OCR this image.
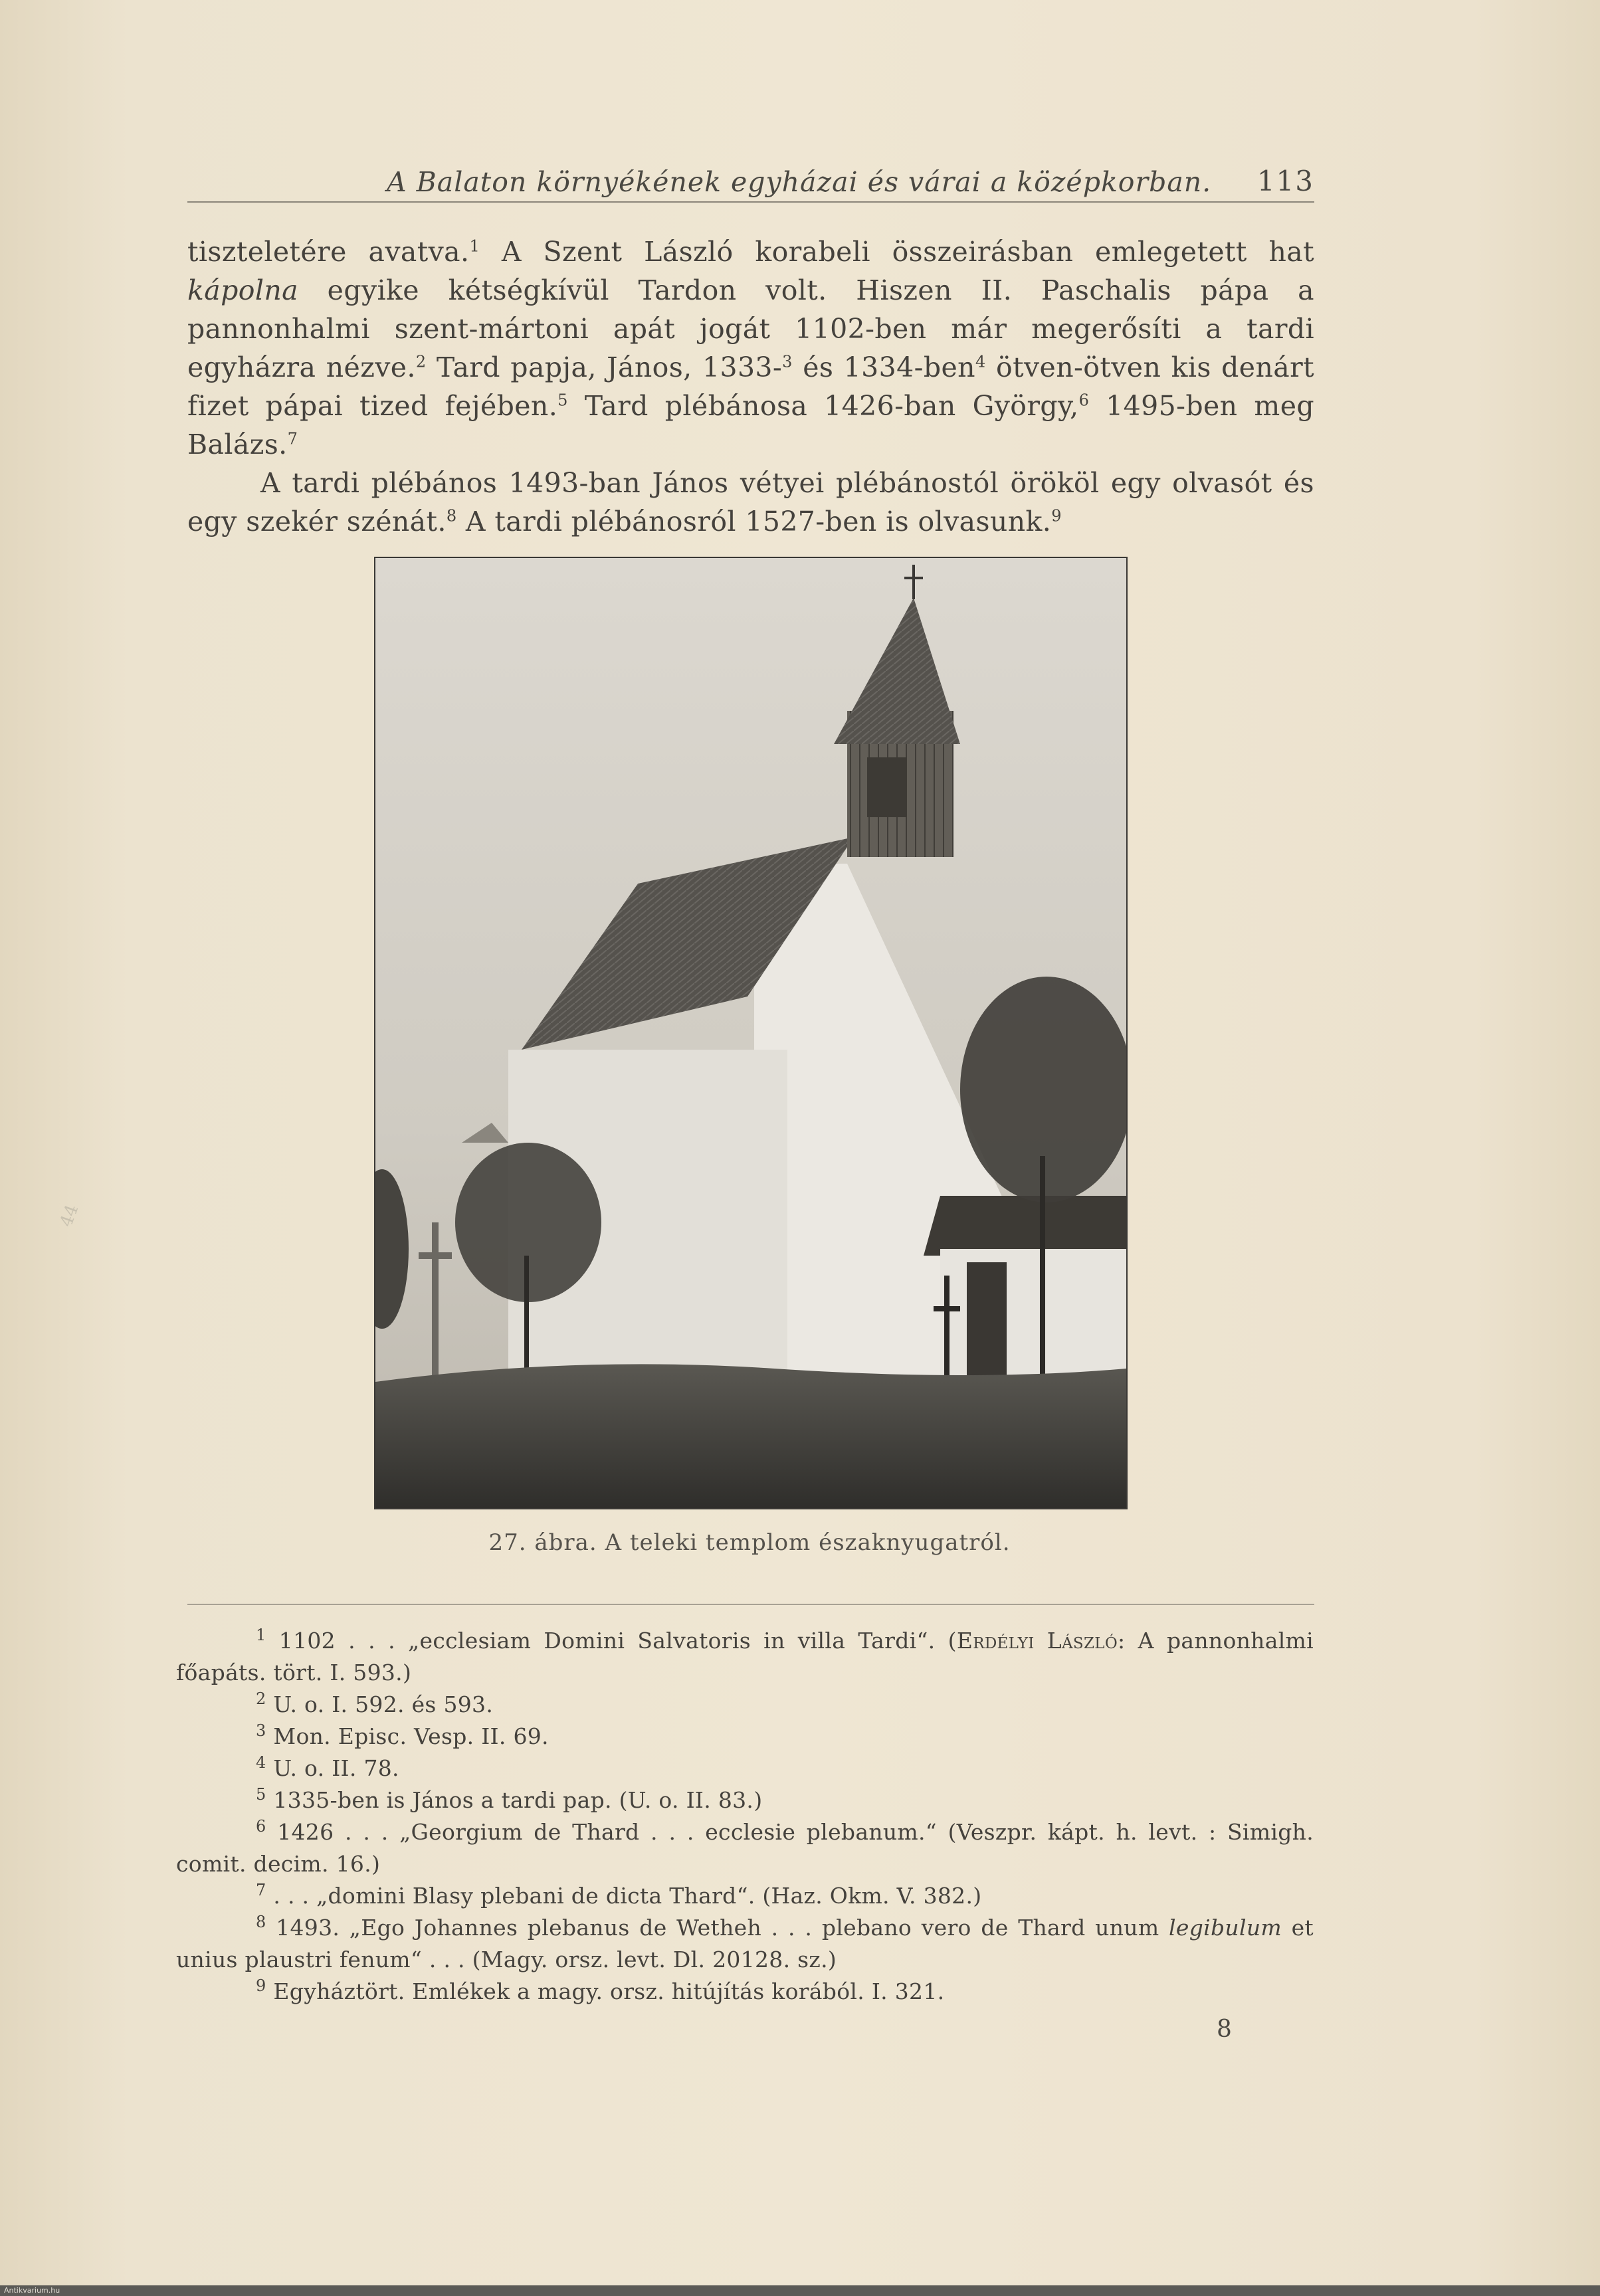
A Balaton környékének egyházai és várai a középkorban. 113

tiszteletére avatva.$^1$ A Szent László korabeli összeirásban emlegetett hat kápolna egyike kétségkívül Tardon volt. Hiszen II. Paschalis pápa a pannonhalmi szent-mártoni apát jogát 1102-ben már megerősíti a tardi egyházra nézve.$^2$ Tard papja, János, 1333-$^3$ és 1334-ben$^4$ ötven-ötven kis denárt fizet pápai tized fejében.$^5$ Tard plébánosa 1426-ban György,$^6$ 1495-ben meg Balázs.$^7$

A tardi plébános 1493-ban János vétyei plébánostól örököl egy olvasót és egy szekér szénát.$^8$ A tardi plébánosról 1527-ben is olvasunk.$^9$

27. ábra. A teleki templom északnyugatról.

$^1$ 1102 . . . „ecclesiam Domini Salvatoris in villa Tardi“. (Erdélyi László: A pannonhalmi főapáts. tört. I. 593.)

$^2$ U. o. I. 592. és 593.

$^3$ Mon. Episc. Vesp. II. 69.

$^4$ U. o. II. 78.

$^5$ 1335-ben is János a tardi pap. (U. o. II. 83.)

$^6$ 1426 . . . „Georgium de Thard . . . ecclesie plebanum.“ (Veszpr. kápt. h. levt. : Simigh. comit. decim. 16.)

$^7$ . . . „domini Blasy plebani de dicta Thard“. (Haz. Okm. V. 382.)

$^8$ 1493. „Ego Johannes plebanus de Wetheh . . . plebano vero de Thard unum legibulum et unius plaustri fenum“ . . . (Magy. orsz. levt. Dl. 20128. sz.)

$^9$ Egyháztört. Emlékek a magy. orsz. hitújítás korából. I. 321.

8
44
Antikvarium.hu
